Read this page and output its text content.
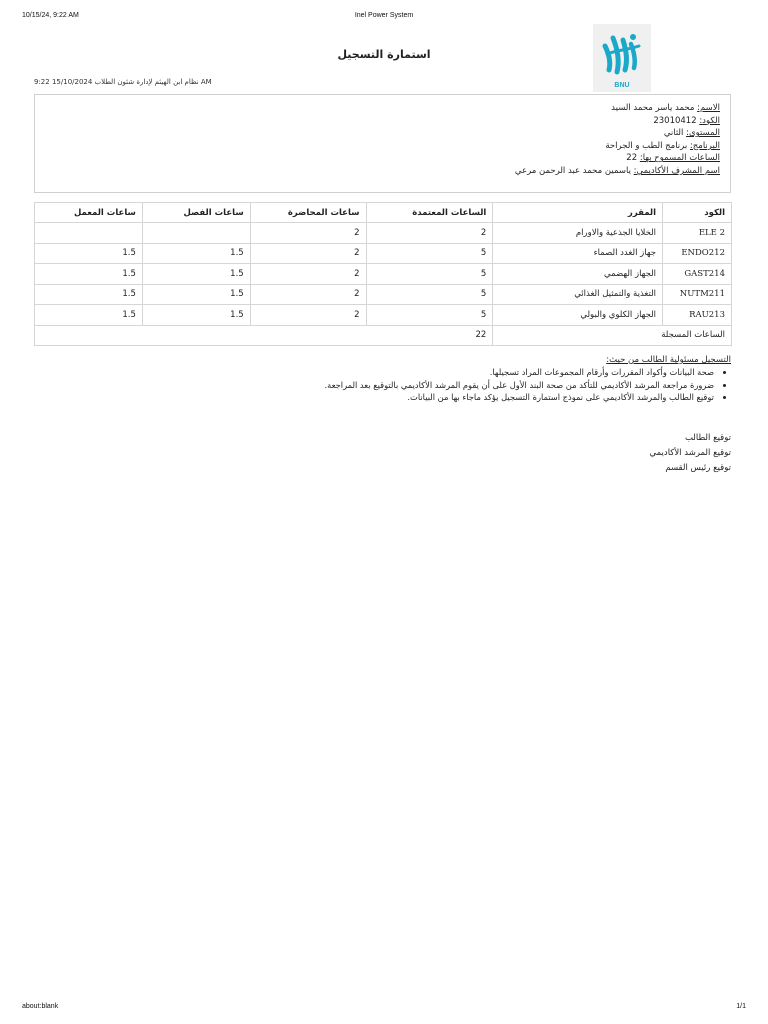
10/15/24, 9:22 AM	Inel Power System
BNU
استمارة التسجيل
نظام ابن الهيثم لإدارة شئون الطلاب 15/10/2024 9:22 AM
الاسم: محمد ياسر محمد السيد
الكود: 23010412
المستوى: الثاني
البرنامج: برنامج الطب و الجراحة
الساعات المسموح بها: 22
اسم المشرف الأكاديمي: ياسمين محمد عبد الرحمن مرعي
الكود	المقرر	الساعات المعتمدة	ساعات المحاضرة	ساعات الفصل	ساعات المعمل
ELE 2	الخلايا الجذعية والاورام	2	2		
ENDO212	جهاز الغدد الصماء	5	2	1.5	1.5
GAST214	الجهاز الهضمي	5	2	1.5	1.5
NUTM211	التغذية والتمثيل الغذائي	5	2	1.5	1.5
RAU213	الجهاز الكلوي والبولي	5	2	1.5	1.5
الساعات المسجلة		22			
التسجيل مسئولية الطالب من حيث:
• صحة البيانات وأكواد المقررات وأرقام المجموعات المراد تسجيلها.
• ضرورة مراجعة المرشد الأكاديمي للتأكد من صحة البند الأول على أن يقوم المرشد الأكاديمي بالتوقيع بعد المراجعة.
• توقيع الطالب والمرشد الأكاديمي على نموذج استمارة التسجيل يؤكد ماجاء بها من البيانات.
توقيع الطالب
توقيع المرشد الأكاديمي
توقيع رئيس القسم
about:blank	1/1
